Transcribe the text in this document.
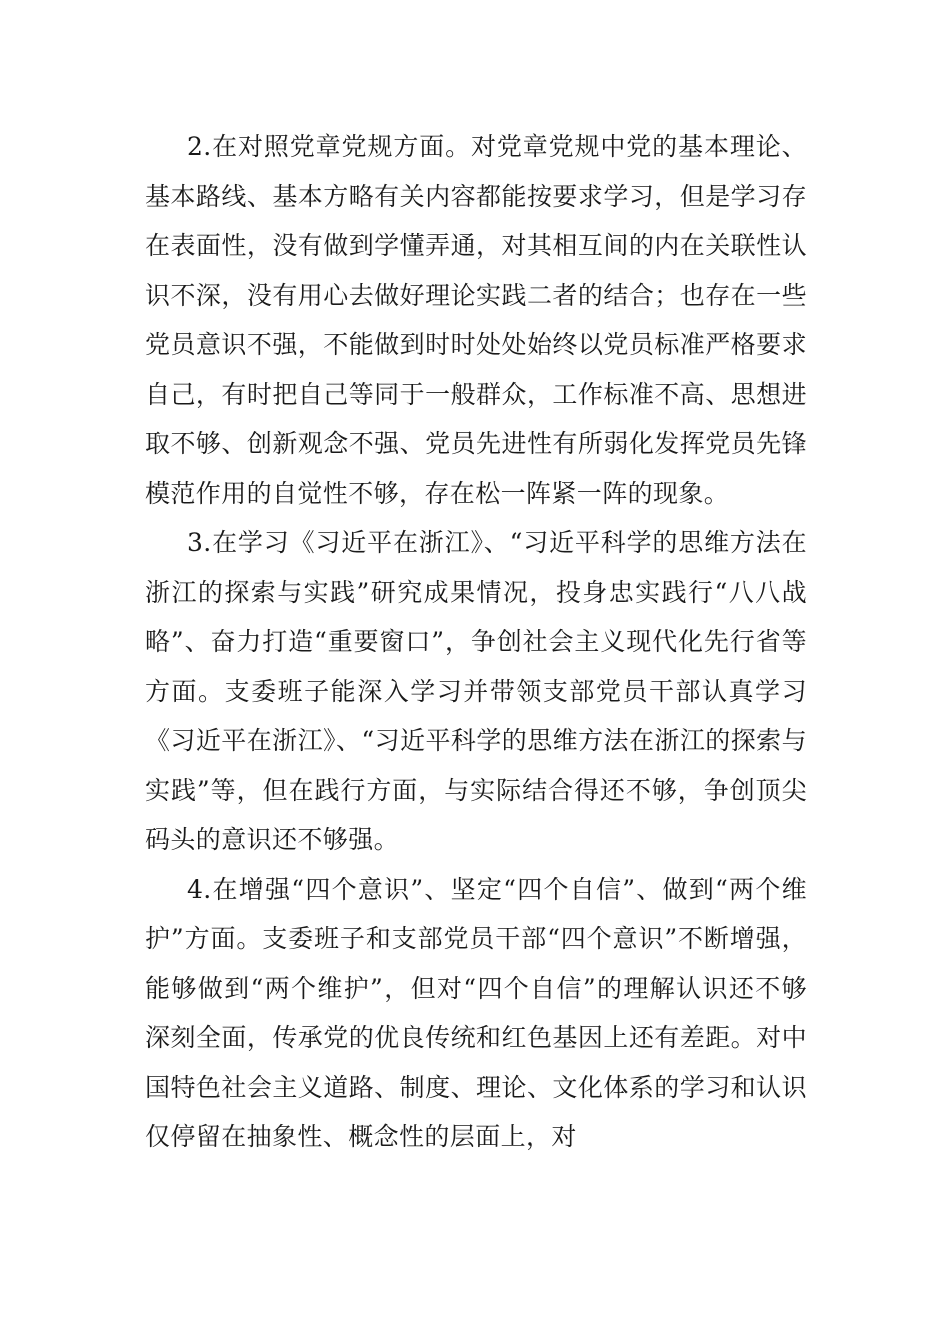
2.在对照党章党规方面。对党章党规中党的基本理论、基本路线、基本方略有关内容都能按要求学习，但是学习存在表面性，没有做到学懂弄通，对其相互间的内在关联性认识不深，没有用心去做好理论实践二者的结合；也存在一些党员意识不强，不能做到时时处处始终以党员标准严格要求自己，有时把自己等同于一般群众，工作标准不高、思想进取不够、创新观念不强、党员先进性有所弱化发挥党员先锋模范作用的自觉性不够，存在松一阵紧一阵的现象。

3.在学习《习近平在浙江》、“习近平科学的思维方法在浙江的探索与实践”研究成果情况，投身忠实践行“八八战略”、奋力打造“重要窗口”，争创社会主义现代化先行省等方面。支委班子能深入学习并带领支部党员干部认真学习《习近平在浙江》、“习近平科学的思维方法在浙江的探索与实践”等，但在践行方面，与实际结合得还不够，争创顶尖码头的意识还不够强。

4.在增强“四个意识”、坚定“四个自信”、做到“两个维护”方面。支委班子和支部党员干部“四个意识”不断增强，能够做到“两个维护”，但对“四个自信”的理解认识还不够深刻全面，传承党的优良传统和红色基因上还有差距。对中国特色社会主义道路、制度、理论、文化体系的学习和认识仅停留在抽象性、概念性的层面上，对
